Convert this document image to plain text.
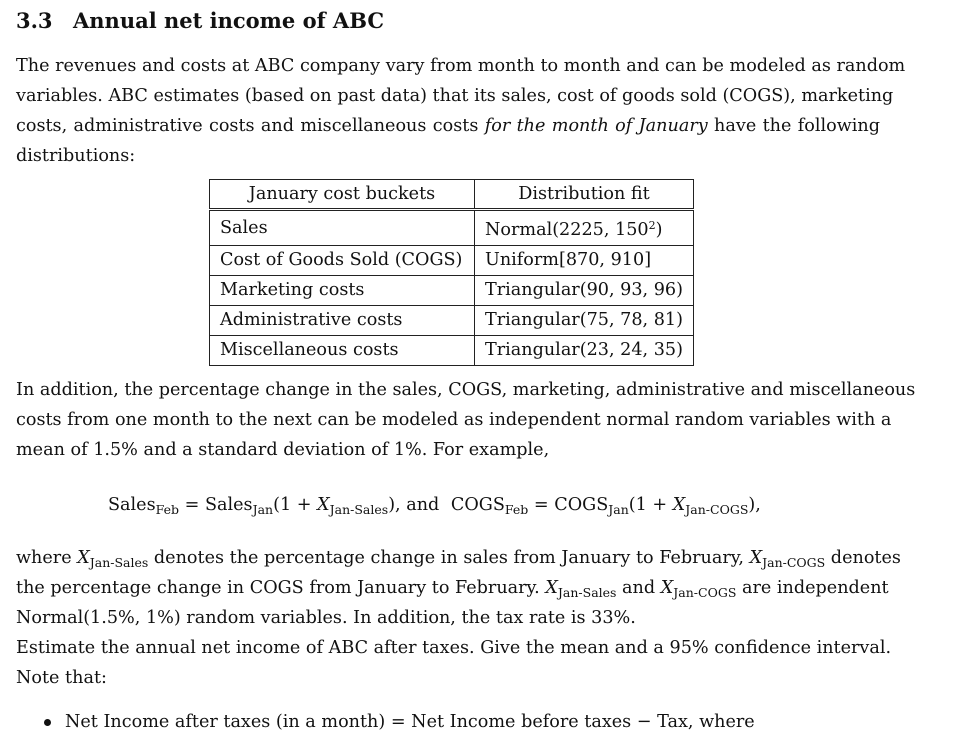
3.3 Annual net income of ABC
The revenues and costs at ABC company vary from month to month and can be modeled as random
variables. ABC estimates (based on past data) that its sales, cost of goods sold (COGS), marketing
costs, administrative costs and miscellaneous costs for the month of January have the following
distributions:
January cost buckets	Distribution fit
Sales	Normal(2225, $150^2$)
Cost of Goods Sold (COGS)	Uniform[870, 910]
Marketing costs	Triangular(90, 93, 96)
Administrative costs	Triangular(75, 78, 81)
Miscellaneous costs	Triangular(23, 24, 35)
In addition, the percentage change in the sales, COGS, marketing, administrative and miscellaneous
costs from one month to the next can be modeled as independent normal random variables with a
mean of 1.5% and a standard deviation of 1%. For example,
Sales$_{Feb}$ = Sales$_{Jan}$(1 + $X_{Jan-Sales}$), and $COGS_{Feb}$ = $COGS_{Jan}(1 + X_{Jan-COGS})$,
where $X_{Jan-Sales}$ denotes the percentage change in sales from January to February, $X_{Jan-COGS}$ denotes
the percentage change in COGS from January to February. $X_{Jan-Sales}$ and $X_{Jan-COGS}$ are independent
Normal(1.5%, 1%) random variables. In addition, the tax rate is 33%.
Estimate the annual net income of ABC after taxes. Give the mean and a 95% confidence interval.
Note that:
Net Income after taxes (in a month) = Net Income before taxes − Tax, where
